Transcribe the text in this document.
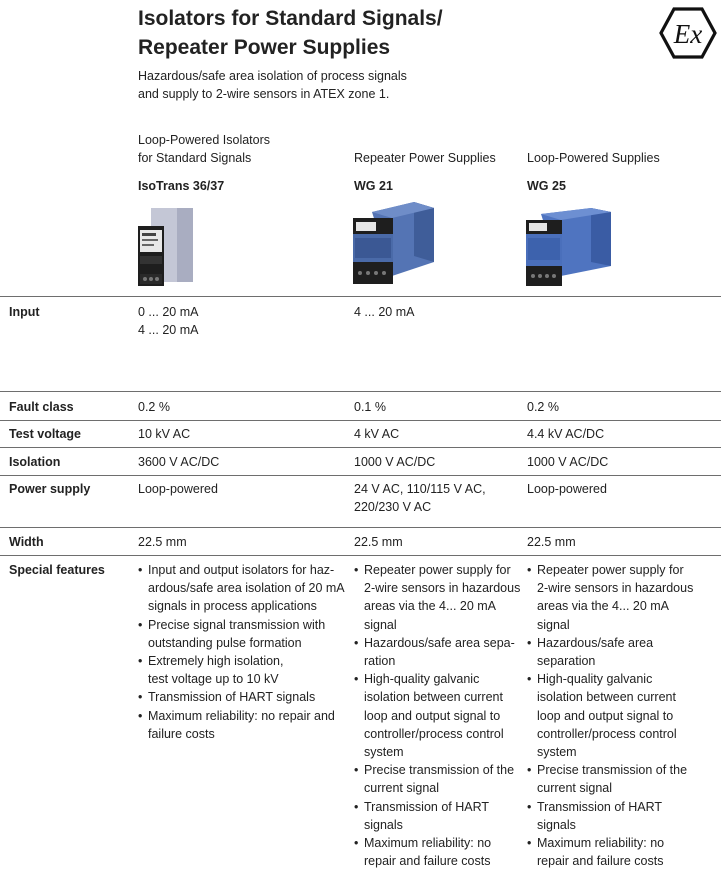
Isolators for Standard Signals/
Repeater Power Supplies
Hazardous/safe area isolation of process signals
and supply to 2-wire sensors in ATEX zone 1.
Ex
Loop-Powered Isolators
for Standard Signals	Repeater Power Supplies	Loop-Powered Supplies
IsoTrans 36/37	WG 21	WG 25
Input	0 ... 20 mA
4 ... 20 mA
4 ... 20 mA
Fault class	0.2 %	0.1 %	0.2 %
Test voltage	10 kV AC	4 kV AC	4.4 kV AC/DC
Isolation	3600 V AC/DC	1000 V AC/DC	1000 V AC/DC
Power supply	Loop-powered	24 V AC, 110/115 V AC,
220/230 V AC
Loop-powered
Width	22.5 mm	22.5 mm	22.5 mm
Special features
•	Input and output isolators for haz-
ardous/safe area isolation of 20 mA
signals in process applications
• Precise signal transmission with
outstanding pulse formation
• Extremely high isolation,
test voltage up to 10 kV
• Transmission of HART signals
• Maximum reliability: no repair and
failure costs
• Repeater power supply for
2-wire sensors in hazardous
areas via the 4... 20 mA
signal
• Hazardous/safe area sepa-
ration
• High-quality galvanic
isolation between current
loop and output signal to
controller/process control
system
• Precise transmission of the
current signal
• Transmission of HART
signals
• Maximum reliability: no
repair and failure costs
• Repeater power supply for
2-wire sensors in hazardous
areas via the 4... 20 mA
signal
• Hazardous/safe area
separation
• High-quality galvanic
isolation between current
loop and output signal to
controller/process control
system
• Precise transmission of the
current signal
• Transmission of HART
signals
• Maximum reliability: no
repair and failure costs
